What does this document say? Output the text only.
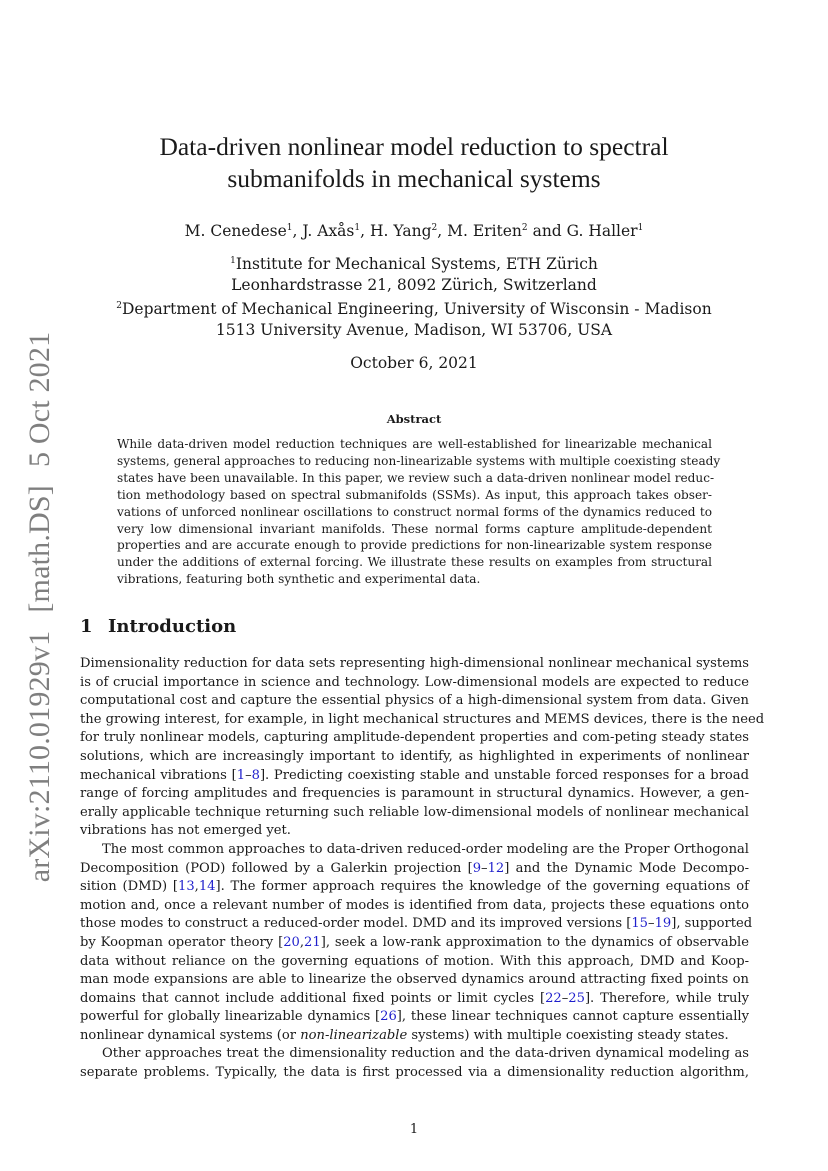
arXiv:2110.01929v1[math.DS]5 Oct 2021
Data-driven nonlinear model reduction to spectral
submanifolds in mechanical systems
M. Cenedese$^1$, J. Axås$^1$, H. Yang$^2$, M. Eriten$^2$ and G. Haller$^1$
$^1$Institute for Mechanical Systems, ETH Zürich
Leonhardstrasse 21, 8092 Zürich, Switzerland
$^2$Department of Mechanical Engineering, University of Wisconsin - Madison
1513 University Avenue, Madison, WI 53706, USA
October 6, 2021
Abstract
While data-driven model reduction techniques are well-established for linearizable mechanical
systems, general approaches to reducing non-linearizable systems with multiple coexisting steady
states have been unavailable. In this paper, we review such a data-driven nonlinear model reduc-
tion methodology based on spectral submanifolds (SSMs). As input, this approach takes obser-
vations of unforced nonlinear oscillations to construct normal forms of the dynamics reduced to
very low dimensional invariant manifolds. These normal forms capture amplitude-dependent
properties and are accurate enough to provide predictions for non-linearizable system response
under the additions of external forcing. We illustrate these results on examples from structural
vibrations, featuring both synthetic and experimental data.
1 Introduction
Dimensionality reduction for data sets representing high-dimensional nonlinear mechanical systems
is of crucial importance in science and technology. Low-dimensional models are expected to reduce
computational cost and capture the essential physics of a high-dimensional system from data. Given
the growing interest, for example, in light mechanical structures and MEMS devices, there is the need
for truly nonlinear models, capturing amplitude-dependent properties and com-peting steady states
solutions, which are increasingly important to identify, as highlighted in experiments of nonlinear
mechanical vibrations [1–8]. Predicting coexisting stable and unstable forced responses for a broad
range of forcing amplitudes and frequencies is paramount in structural dynamics. However, a gen-
erally applicable technique returning such reliable low-dimensional models of nonlinear mechanical
vibrations has not emerged yet.
The most common approaches to data-driven reduced-order modeling are the Proper Orthogonal
Decomposition (POD) followed by a Galerkin projection [9–12] and the Dynamic Mode Decompo-
sition (DMD) [13,14]. The former approach requires the knowledge of the governing equations of
motion and, once a relevant number of modes is identified from data, projects these equations onto
those modes to construct a reduced-order model. DMD and its improved versions [15–19], supported
by Koopman operator theory [20,21], seek a low-rank approximation to the dynamics of observable
data without reliance on the governing equations of motion. With this approach, DMD and Koop-
man mode expansions are able to linearize the observed dynamics around attracting fixed points on
domains that cannot include additional fixed points or limit cycles [22–25]. Therefore, while truly
powerful for globally linearizable dynamics [26], these linear techniques cannot capture essentially
nonlinear dynamical systems (or non-linearizable systems) with multiple coexisting steady states.
Other approaches treat the dimensionality reduction and the data-driven dynamical modeling as
separate problems. Typically, the data is first processed via a dimensionality reduction algorithm,
1
